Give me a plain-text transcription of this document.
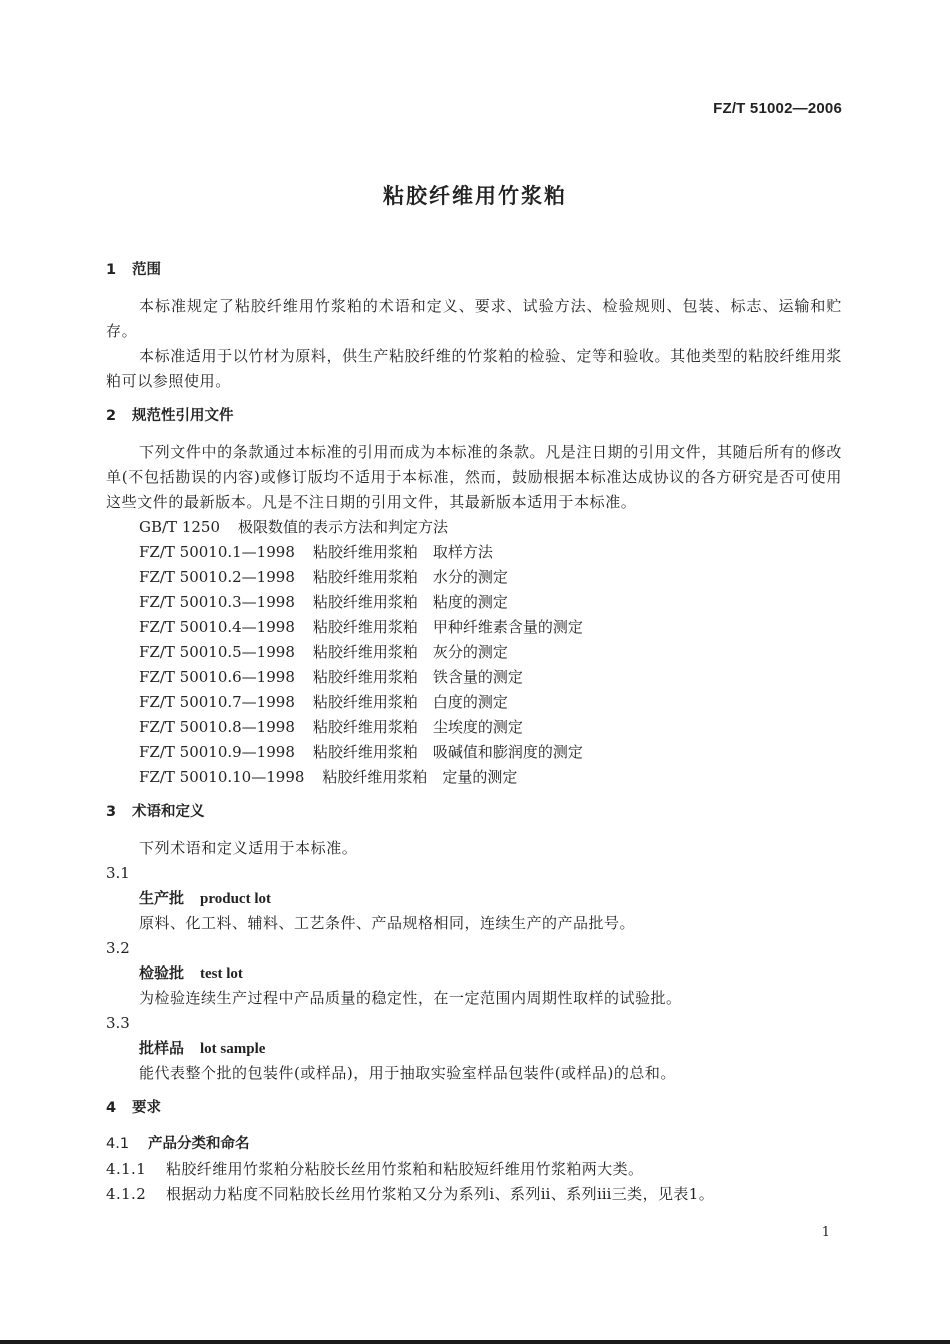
FZ/T 51002—2006
粘胶纤维用竹浆粕
1 范围
本标准规定了粘胶纤维用竹浆粕的术语和定义、要求、试验方法、检验规则、包装、标志、运输和贮存。
本标准适用于以竹材为原料，供生产粘胶纤维的竹浆粕的检验、定等和验收。其他类型的粘胶纤维用浆粕可以参照使用。
2 规范性引用文件
下列文件中的条款通过本标准的引用而成为本标准的条款。凡是注日期的引用文件，其随后所有的修改单(不包括勘误的内容)或修订版均不适用于本标准，然而，鼓励根据本标准达成协议的各方研究是否可使用这些文件的最新版本。凡是不注日期的引用文件，其最新版本适用于本标准。
GB/T 1250 极限数值的表示方法和判定方法
FZ/T 50010.1—1998 粘胶纤维用浆粕　取样方法
FZ/T 50010.2—1998 粘胶纤维用浆粕　水分的测定
FZ/T 50010.3—1998 粘胶纤维用浆粕　粘度的测定
FZ/T 50010.4—1998 粘胶纤维用浆粕　甲种纤维素含量的测定
FZ/T 50010.5—1998 粘胶纤维用浆粕　灰分的测定
FZ/T 50010.6—1998 粘胶纤维用浆粕　铁含量的测定
FZ/T 50010.7—1998 粘胶纤维用浆粕　白度的测定
FZ/T 50010.8—1998 粘胶纤维用浆粕　尘埃度的测定
FZ/T 50010.9—1998 粘胶纤维用浆粕　吸碱值和膨润度的测定
FZ/T 50010.10—1998 粘胶纤维用浆粕　定量的测定
3 术语和定义
下列术语和定义适用于本标准。
3.1
生产批 product lot
原料、化工料、辅料、工艺条件、产品规格相同，连续生产的产品批号。
3.2
检验批 test lot
为检验连续生产过程中产品质量的稳定性，在一定范围内周期性取样的试验批。
3.3
批样品 lot sample
能代表整个批的包装件(或样品)，用于抽取实验室样品包装件(或样品)的总和。
4 要求
4.1 产品分类和命名
4.1.1 粘胶纤维用竹浆粕分粘胶长丝用竹浆粕和粘胶短纤维用竹浆粕两大类。
4.1.2 根据动力粘度不同粘胶长丝用竹浆粕又分为系列ⅰ、系列ⅱ、系列ⅲ三类，见表1。
1
